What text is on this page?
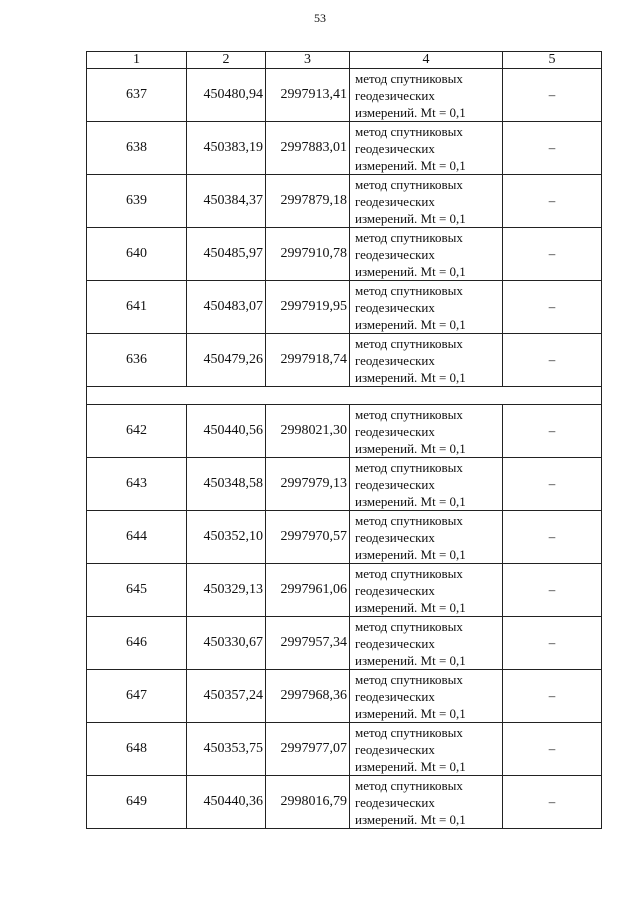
53
1	2	3	4	5
637	450480,94	2997913,41	метод спутниковых
геодезических
измерений. Mt = 0,1	–
638	450383,19	2997883,01	метод спутниковых
геодезических
измерений. Mt = 0,1	–
639	450384,37	2997879,18	метод спутниковых
геодезических
измерений. Mt = 0,1	–
640	450485,97	2997910,78	метод спутниковых
геодезических
измерений. Mt = 0,1	–
641	450483,07	2997919,95	метод спутниковых
геодезических
измерений. Mt = 0,1	–
636	450479,26	2997918,74	метод спутниковых
геодезических
измерений. Mt = 0,1	–

642	450440,56	2998021,30	метод спутниковых
геодезических
измерений. Mt = 0,1	–
643	450348,58	2997979,13	метод спутниковых
геодезических
измерений. Mt = 0,1	–
644	450352,10	2997970,57	метод спутниковых
геодезических
измерений. Mt = 0,1	–
645	450329,13	2997961,06	метод спутниковых
геодезических
измерений. Mt = 0,1	–
646	450330,67	2997957,34	метод спутниковых
геодезических
измерений. Mt = 0,1	–
647	450357,24	2997968,36	метод спутниковых
геодезических
измерений. Mt = 0,1	–
648	450353,75	2997977,07	метод спутниковых
геодезических
измерений. Mt = 0,1	–
649	450440,36	2998016,79	метод спутниковых
геодезических
измерений. Mt = 0,1	–
